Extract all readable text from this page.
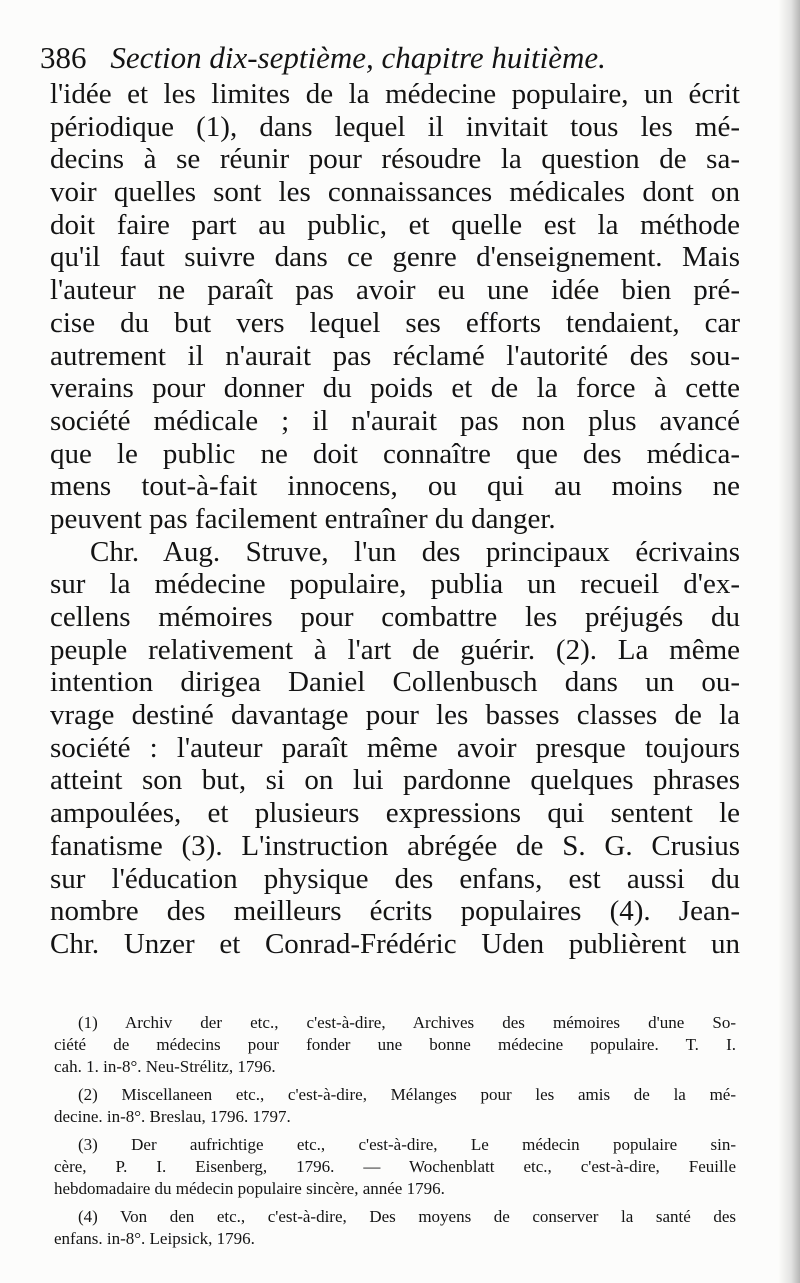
386 Section dix-septième, chapitre huitième.
l'idée et les limites de la médecine populaire, un écrit
périodique (1), dans lequel il invitait tous les mé-
decins à se réunir pour résoudre la question de sa-
voir quelles sont les connaissances médicales dont on
doit faire part au public, et quelle est la méthode
qu'il faut suivre dans ce genre d'enseignement. Mais
l'auteur ne paraît pas avoir eu une idée bien pré-
cise du but vers lequel ses efforts tendaient, car
autrement il n'aurait pas réclamé l'autorité des sou-
verains pour donner du poids et de la force à cette
société médicale ; il n'aurait pas non plus avancé
que le public ne doit connaître que des médica-
mens tout-à-fait innocens, ou qui au moins ne
peuvent pas facilement entraîner du danger.
Chr. Aug. Struve, l'un des principaux écrivains
sur la médecine populaire, publia un recueil d'ex-
cellens mémoires pour combattre les préjugés du
peuple relativement à l'art de guérir. (2). La même
intention dirigea Daniel Collenbusch dans un ou-
vrage destiné davantage pour les basses classes de la
société : l'auteur paraît même avoir presque toujours
atteint son but, si on lui pardonne quelques phrases
ampoulées, et plusieurs expressions qui sentent le
fanatisme (3). L'instruction abrégée de S. G. Crusius
sur l'éducation physique des enfans, est aussi du
nombre des meilleurs écrits populaires (4). Jean-
Chr. Unzer et Conrad-Frédéric Uden publièrent un
(1) Archiv der etc., c'est-à-dire, Archives des mémoires d'une So-
ciété de médecins pour fonder une bonne médecine populaire. T. I.
cah. 1. in-8°. Neu-Strélitz, 1796.
(2) Miscellaneen etc., c'est-à-dire, Mélanges pour les amis de la mé-
decine. in-8°. Breslau, 1796. 1797.
(3) Der aufrichtige etc., c'est-à-dire, Le médecin populaire sin-
cère, P. I. Eisenberg, 1796. — Wochenblatt etc., c'est-à-dire, Feuille
hebdomadaire du médecin populaire sincère, année 1796.
(4) Von den etc., c'est-à-dire, Des moyens de conserver la santé des
enfans. in-8°. Leipsick, 1796.
